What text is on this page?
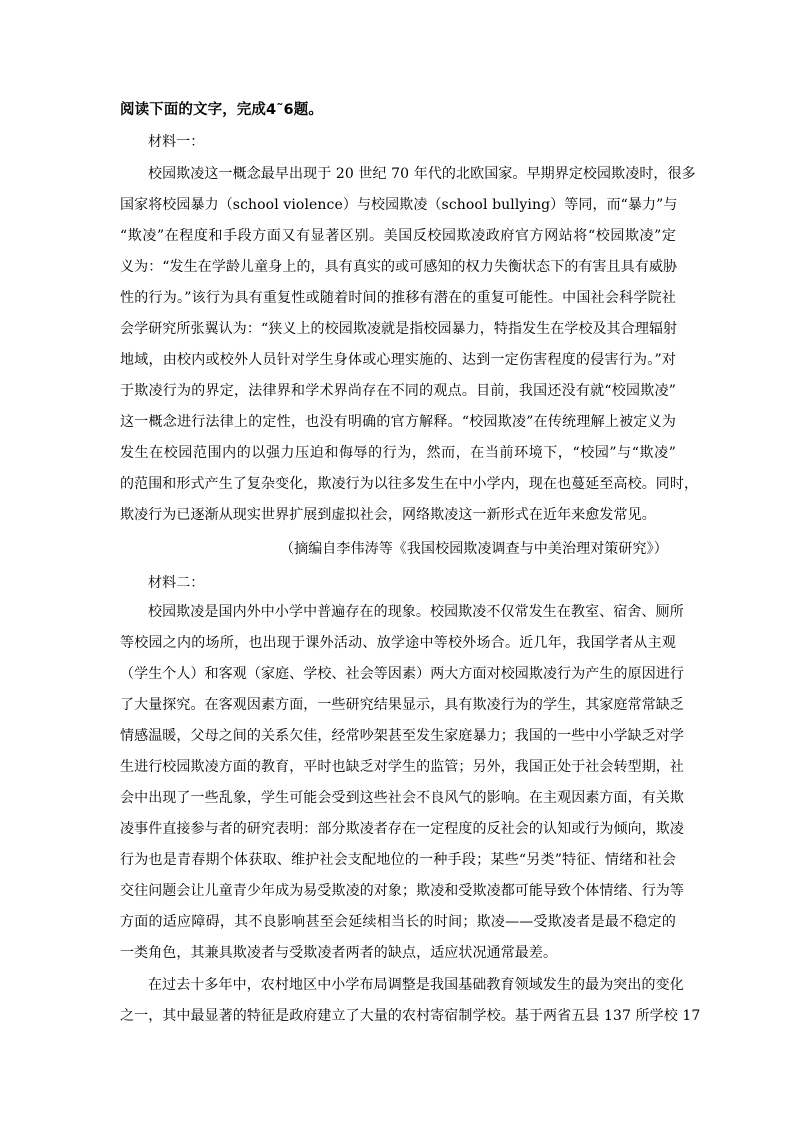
阅读下面的文字，完成4˜6题。
材料一：
校园欺凌这一概念最早出现于 20 世纪 70 年代的北欧国家。早期界定校园欺凌时，很多
国家将校园暴力（school violence）与校园欺凌（school bullying）等同，而“暴力”与
“欺凌”在程度和手段方面又有显著区别。美国反校园欺凌政府官方网站将“校园欺凌”定
义为：“发生在学龄儿童身上的，具有真实的或可感知的权力失衡状态下的有害且具有威胁
性的行为。”该行为具有重复性或随着时间的推移有潜在的重复可能性。中国社会科学院社
会学研究所张翼认为：“狭义上的校园欺凌就是指校园暴力，特指发生在学校及其合理辐射
地域，由校内或校外人员针对学生身体或心理实施的、达到一定伤害程度的侵害行为。”对
于欺凌行为的界定，法律界和学术界尚存在不同的观点。目前，我国还没有就“校园欺凌”
这一概念进行法律上的定性，也没有明确的官方解释。“校园欺凌”在传统理解上被定义为
发生在校园范围内的以强力压迫和侮辱的行为，然而，在当前环境下，“校园”与“欺凌”
的范围和形式产生了复杂变化，欺凌行为以往多发生在中小学内，现在也蔓延至高校。同时，
欺凌行为已逐渐从现实世界扩展到虚拟社会，网络欺凌这一新形式在近年来愈发常见。
（摘编自李伟涛等《我国校园欺凌调查与中美治理对策研究》）
材料二：
校园欺凌是国内外中小学中普遍存在的现象。校园欺凌不仅常发生在教室、宿舍、厕所
等校园之内的场所，也出现于课外活动、放学途中等校外场合。近几年，我国学者从主观
（学生个人）和客观（家庭、学校、社会等因素）两大方面对校园欺凌行为产生的原因进行
了大量探究。在客观因素方面，一些研究结果显示，具有欺凌行为的学生，其家庭常常缺乏
情感温暖，父母之间的关系欠佳，经常吵架甚至发生家庭暴力；我国的一些中小学缺乏对学
生进行校园欺凌方面的教育，平时也缺乏对学生的监管；另外，我国正处于社会转型期，社
会中出现了一些乱象，学生可能会受到这些社会不良风气的影响。在主观因素方面，有关欺
凌事件直接参与者的研究表明：部分欺凌者存在一定程度的反社会的认知或行为倾向，欺凌
行为也是青春期个体获取、维护社会支配地位的一种手段；某些“另类”特征、情绪和社会
交往问题会让儿童青少年成为易受欺凌的对象；欺凌和受欺凌都可能导致个体情绪、行为等
方面的适应障碍，其不良影响甚至会延续相当长的时间；欺凌——受欺凌者是最不稳定的
一类角色，其兼具欺凌者与受欺凌者两者的缺点，适应状况通常最差。
在过去十多年中，农村地区中小学布局调整是我国基础教育领域发生的最为突出的变化
之一，其中最显著的特征是政府建立了大量的农村寄宿制学校。基于两省五县 137 所学校 17
